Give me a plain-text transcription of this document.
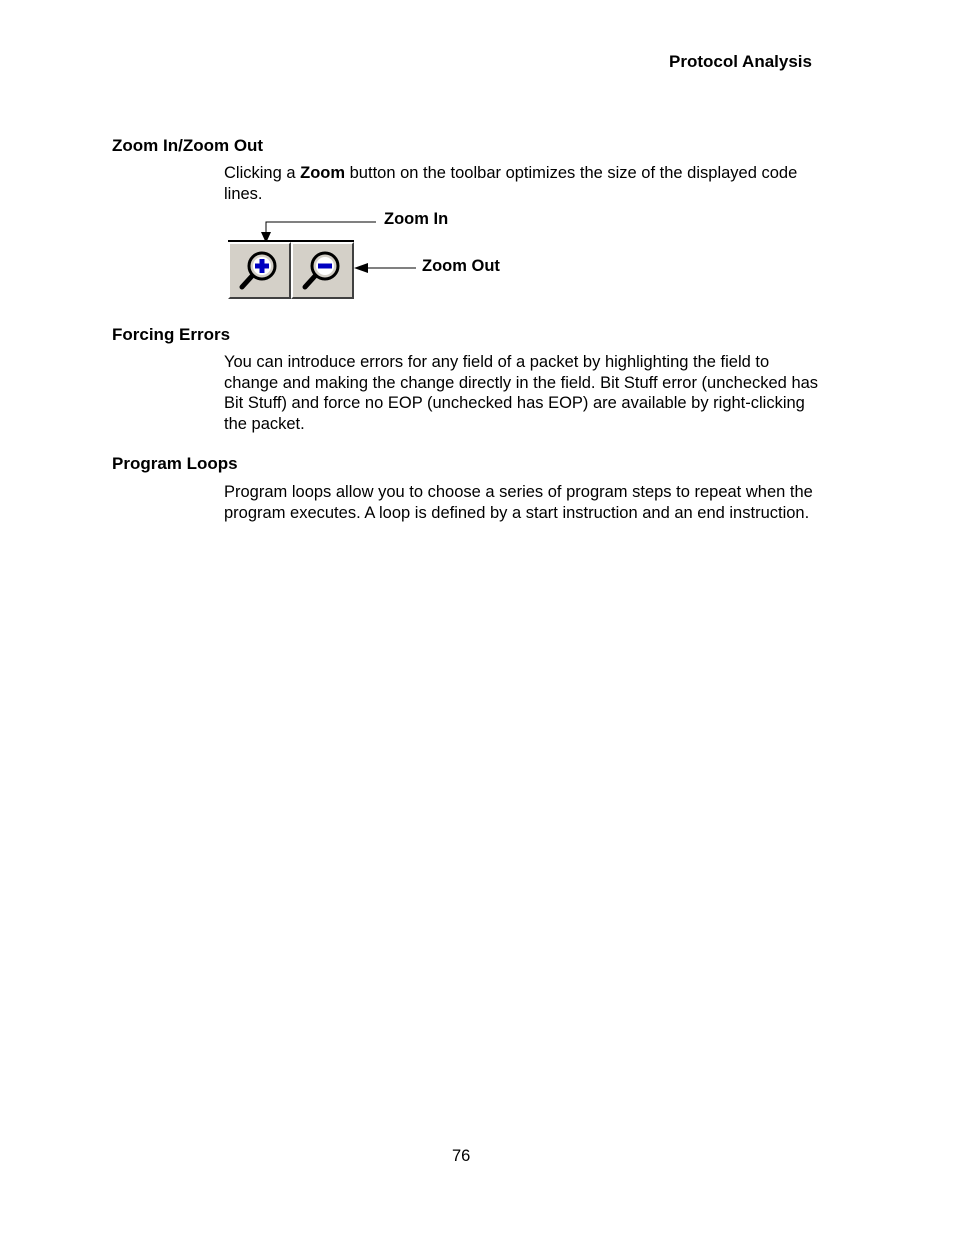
Protocol Analysis
Zoom In/Zoom Out
Clicking a Zoom button on the toolbar optimizes the size of the displayed code lines.
Zoom In
Zoom Out
Forcing Errors
You can introduce errors for any field of a packet by highlighting the field to change and making the change directly in the field. Bit Stuff error (unchecked has Bit Stuff) and force no EOP (unchecked has EOP) are available by right-clicking the packet.
Program Loops
Program loops allow you to choose a series of program steps to repeat when the program executes. A loop is defined by a start instruction and an end instruction.
76
